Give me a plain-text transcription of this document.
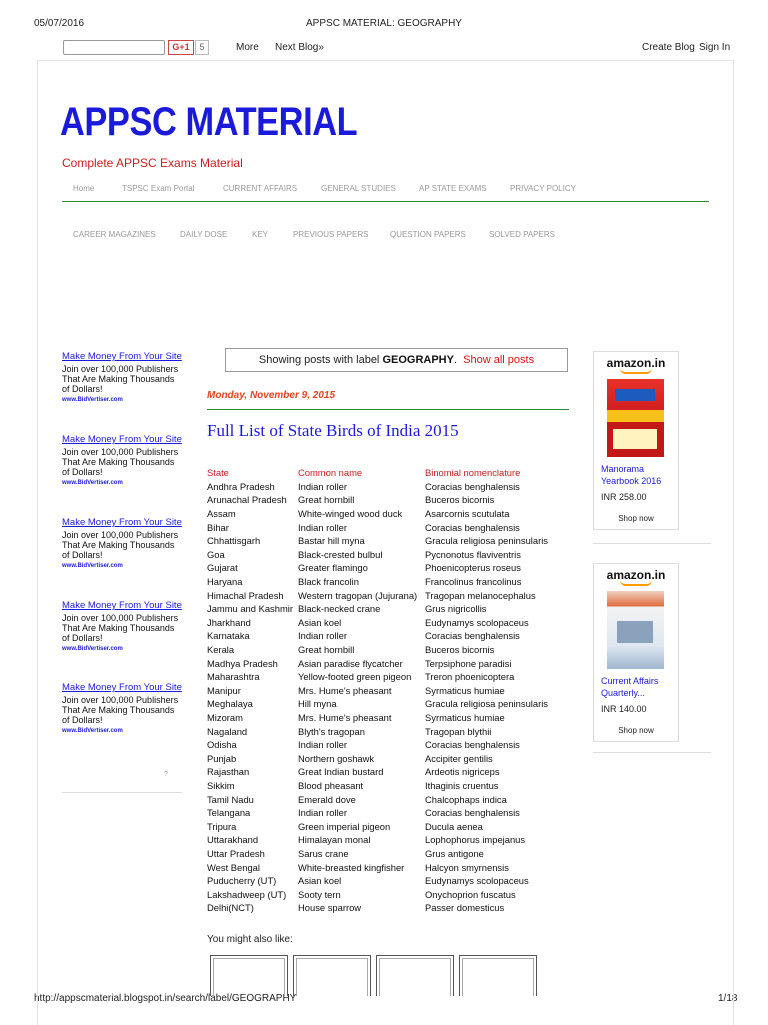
05/07/2016	APPSC MATERIAL: GEOGRAPHY
http://appscmaterial.blogspot.in/search/label/GEOGRAPHY	1/18
G+1	5	More Next Blog»	Create Blog Sign In
APPSC MATERIAL
Complete APPSC Exams Material
Home	TSPSC Exam Portal	CURRENT AFFAIRS	GENERAL STUDIES	AP STATE EXAMS	PRIVACY POLICY
CAREER MAGAZINES	DAILY DOSE	KEY	PREVIOUS PAPERS	QUESTION PAPERS	SOLVED PAPERS
Showing posts with label GEOGRAPHY. Show all posts
Monday, November 9, 2015
Full List of State Birds of India 2015
State	Common name	Binomial nomenclature
Andhra Pradesh	Indian roller	Coracias benghalensis
Arunachal Pradesh	Great hornbill	Buceros bicornis
Assam	White-winged wood duck	Asarcornis scutulata
Bihar	Indian roller	Coracias benghalensis
Chhattisgarh	Bastar hill myna	Gracula religiosa peninsularis
Goa	Black-crested bulbul	Pycnonotus flaviventris
Gujarat	Greater flamingo	Phoenicopterus roseus
Haryana	Black francolin	Francolinus francolinus
Himachal Pradesh	Western tragopan (Jujurana)	Tragopan melanocephalus
Jammu and Kashmir	Black-necked crane	Grus nigricollis
Jharkhand	Asian koel	Eudynamys scolopaceus
Karnataka	Indian roller	Coracias benghalensis
Kerala	Great hornbill	Buceros bicornis
Madhya Pradesh	Asian paradise flycatcher	Terpsiphone paradisi
Maharashtra	Yellow-footed green pigeon	Treron phoenicoptera
Manipur	Mrs. Hume's pheasant	Syrmaticus humiae
Meghalaya	Hill myna	Gracula religiosa peninsularis
Mizoram	Mrs. Hume's pheasant	Syrmaticus humiae
Nagaland	Blyth's tragopan	Tragopan blythii
Odisha	Indian roller	Coracias benghalensis
Punjab	Northern goshawk	Accipiter gentilis
Rajasthan	Great Indian bustard	Ardeotis nigriceps
Sikkim	Blood pheasant	Ithaginis cruentus
Tamil Nadu	Emerald dove	Chalcophaps indica
Telangana	Indian roller	Coracias benghalensis
Tripura	Green imperial pigeon	Ducula aenea
Uttarakhand	Himalayan monal	Lophophorus impejanus
Uttar Pradesh	Sarus crane	Grus antigone
West Bengal	White-breasted kingfisher	Halcyon smyrnensis
Puducherry (UT)	Asian koel	Eudynamys scolopaceus
Lakshadweep (UT)	Sooty tern	Onychoprion fuscatus
Delhi(NCT)	House sparrow	Passer domesticus
You might also like:
Make Money From Your Site
Join over 100,000 Publishers That Are Making Thousands of Dollars!
www.BidVertiser.com
Make Money From Your Site
Join over 100,000 Publishers That Are Making Thousands of Dollars!
www.BidVertiser.com
Make Money From Your Site
Join over 100,000 Publishers That Are Making Thousands of Dollars!
www.BidVertiser.com
Make Money From Your Site
Join over 100,000 Publishers That Are Making Thousands of Dollars!
www.BidVertiser.com
Make Money From Your Site
Join over 100,000 Publishers That Are Making Thousands of Dollars!
www.BidVertiser.com
?
amazon.in
Manorama Yearbook 2016
INR 258.00
Shop now
amazon.in
Current Affairs Quarterly...
INR 140.00
Shop now
